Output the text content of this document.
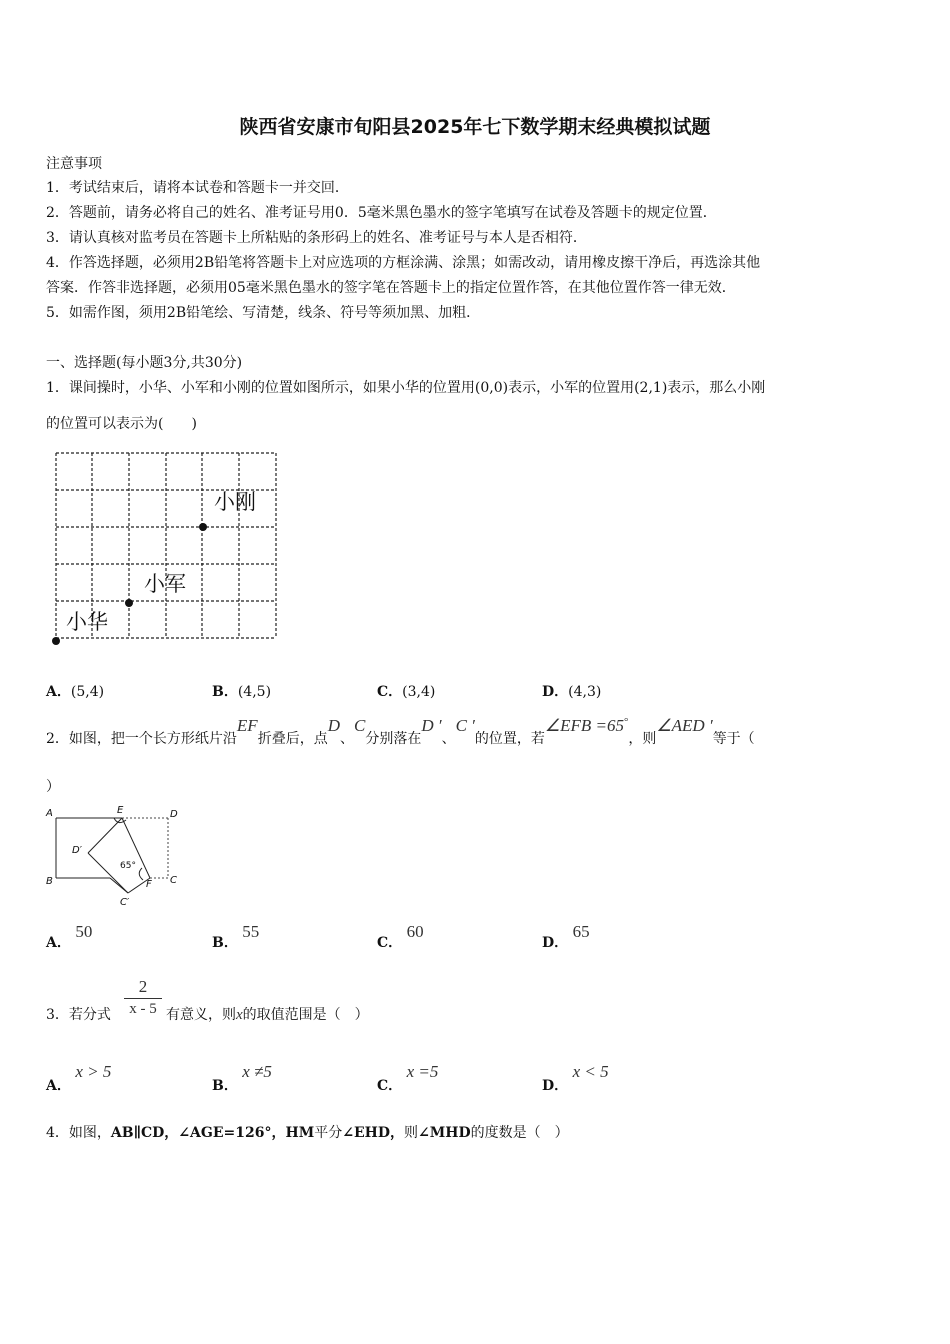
陕西省安康市旬阳县2025年七下数学期末经典模拟试题
注意事项
1．考试结束后，请将本试卷和答题卡一并交回．
2．答题前，请务必将自己的姓名、准考证号用0．5毫米黑色墨水的签字笔填写在试卷及答题卡的规定位置．
3．请认真核对监考员在答题卡上所粘贴的条形码上的姓名、准考证号与本人是否相符．
4．作答选择题，必须用2B铅笔将答题卡上对应选项的方框涂满、涂黑；如需改动，请用橡皮擦干净后，再选涂其他
答案．作答非选择题，必须用05毫米黑色墨水的签字笔在答题卡上的指定位置作答，在其他位置作答一律无效．
5．如需作图，须用2B铅笔绘、写清楚，线条、符号等须加黑、加粗．
一、选择题(每小题3分,共30分)
1．课间操时，小华、小军和小刚的位置如图所示，如果小华的位置用(0,0)表示，小军的位置用(2,1)表示，那么小刚
的位置可以表示为(　　)
小刚
小军
小华
A．(5,4)	B．(4,5)	C．(3,4)	D．(4,3)
2．如图，把一个长方形纸片沿EF折叠后，点D、C分别落在D ′、C ′的位置，若∠EFB =65°，则∠AED ′等于（
）
A	E	D
D′
B	F C
C′
65°
A． 50
B． 55
C． 60
D． 65
3．若分式 $\frac{2}{x - 5}$ 有意义，则x的取值范围是（　）
A． x > 5
B． x ≠5
C． x =5
D． x < 5
4．如图，AB∥CD，∠AGE=126°，HM平分∠EHD，则∠MHD的度数是（　）
